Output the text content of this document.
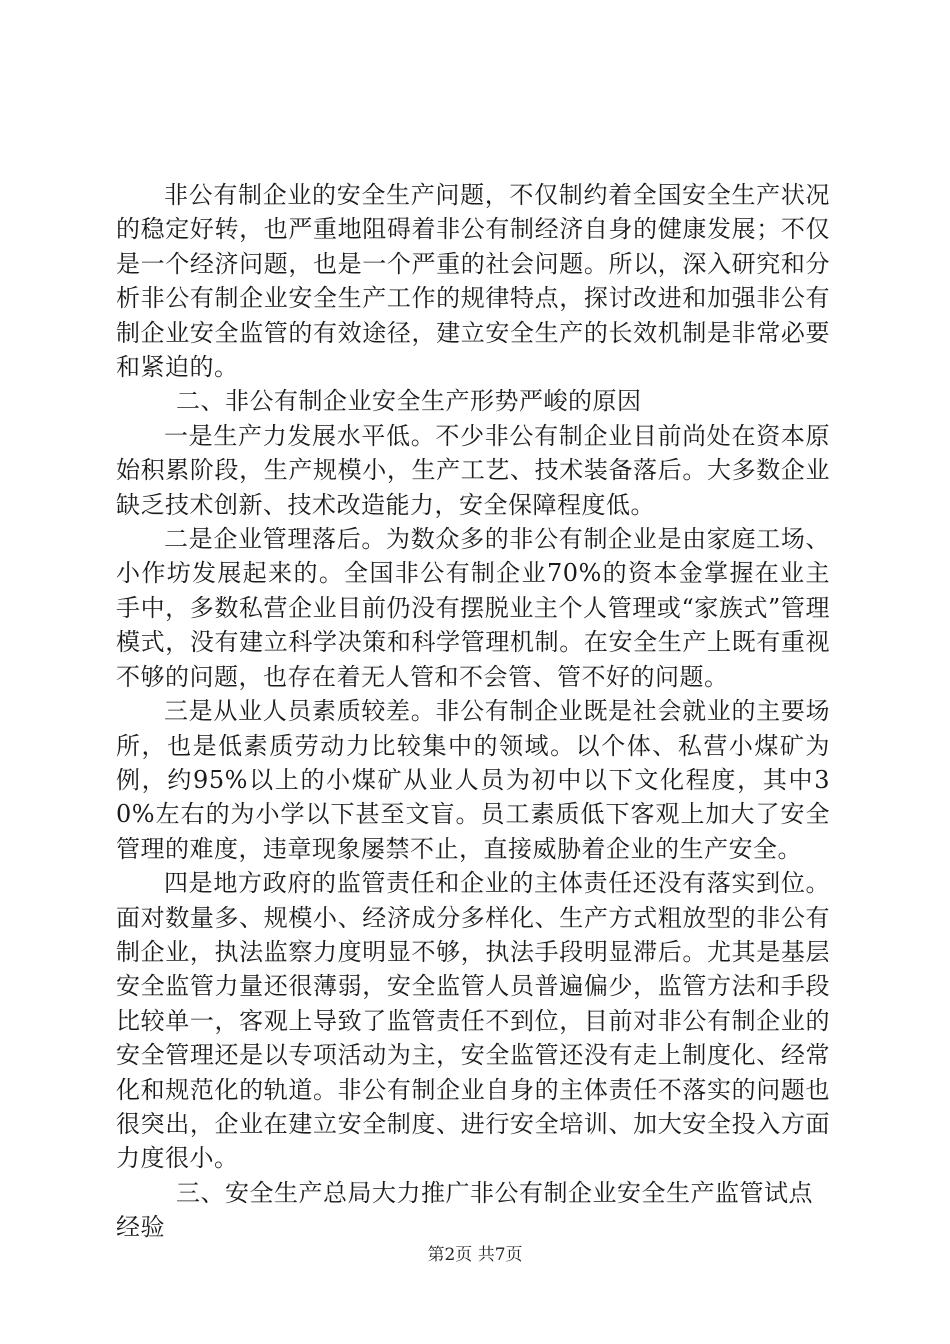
非公有制企业的安全生产问题，不仅制约着全国安全生产状况的稳定好转，也严重地阻碍着非公有制经济自身的健康发展；不仅是一个经济问题，也是一个严重的社会问题。所以，深入研究和分析非公有制企业安全生产工作的规律特点，探讨改进和加强非公有制企业安全监管的有效途径，建立安全生产的长效机制是非常必要和紧迫的。

二、非公有制企业安全生产形势严峻的原因

一是生产力发展水平低。不少非公有制企业目前尚处在资本原始积累阶段，生产规模小，生产工艺、技术装备落后。大多数企业缺乏技术创新、技术改造能力，安全保障程度低。

二是企业管理落后。为数众多的非公有制企业是由家庭工场、小作坊发展起来的。全国非公有制企业70%的资本金掌握在业主手中，多数私营企业目前仍没有摆脱业主个人管理或“家族式”管理模式，没有建立科学决策和科学管理机制。在安全生产上既有重视不够的问题，也存在着无人管和不会管、管不好的问题。

三是从业人员素质较差。非公有制企业既是社会就业的主要场所，也是低素质劳动力比较集中的领域。以个体、私营小煤矿为例，约95%以上的小煤矿从业人员为初中以下文化程度，其中30%左右的为小学以下甚至文盲。员工素质低下客观上加大了安全管理的难度，违章现象屡禁不止，直接威胁着企业的生产安全。

四是地方政府的监管责任和企业的主体责任还没有落实到位。面对数量多、规模小、经济成分多样化、生产方式粗放型的非公有制企业，执法监察力度明显不够，执法手段明显滞后。尤其是基层安全监管力量还很薄弱，安全监管人员普遍偏少，监管方法和手段比较单一，客观上导致了监管责任不到位，目前对非公有制企业的安全管理还是以专项活动为主，安全监管还没有走上制度化、经常化和规范化的轨道。非公有制企业自身的主体责任不落实的问题也很突出，企业在建立安全制度、进行安全培训、加大安全投入方面力度很小。

三、安全生产总局大力推广非公有制企业安全生产监管试点经验

第2页 共7页
